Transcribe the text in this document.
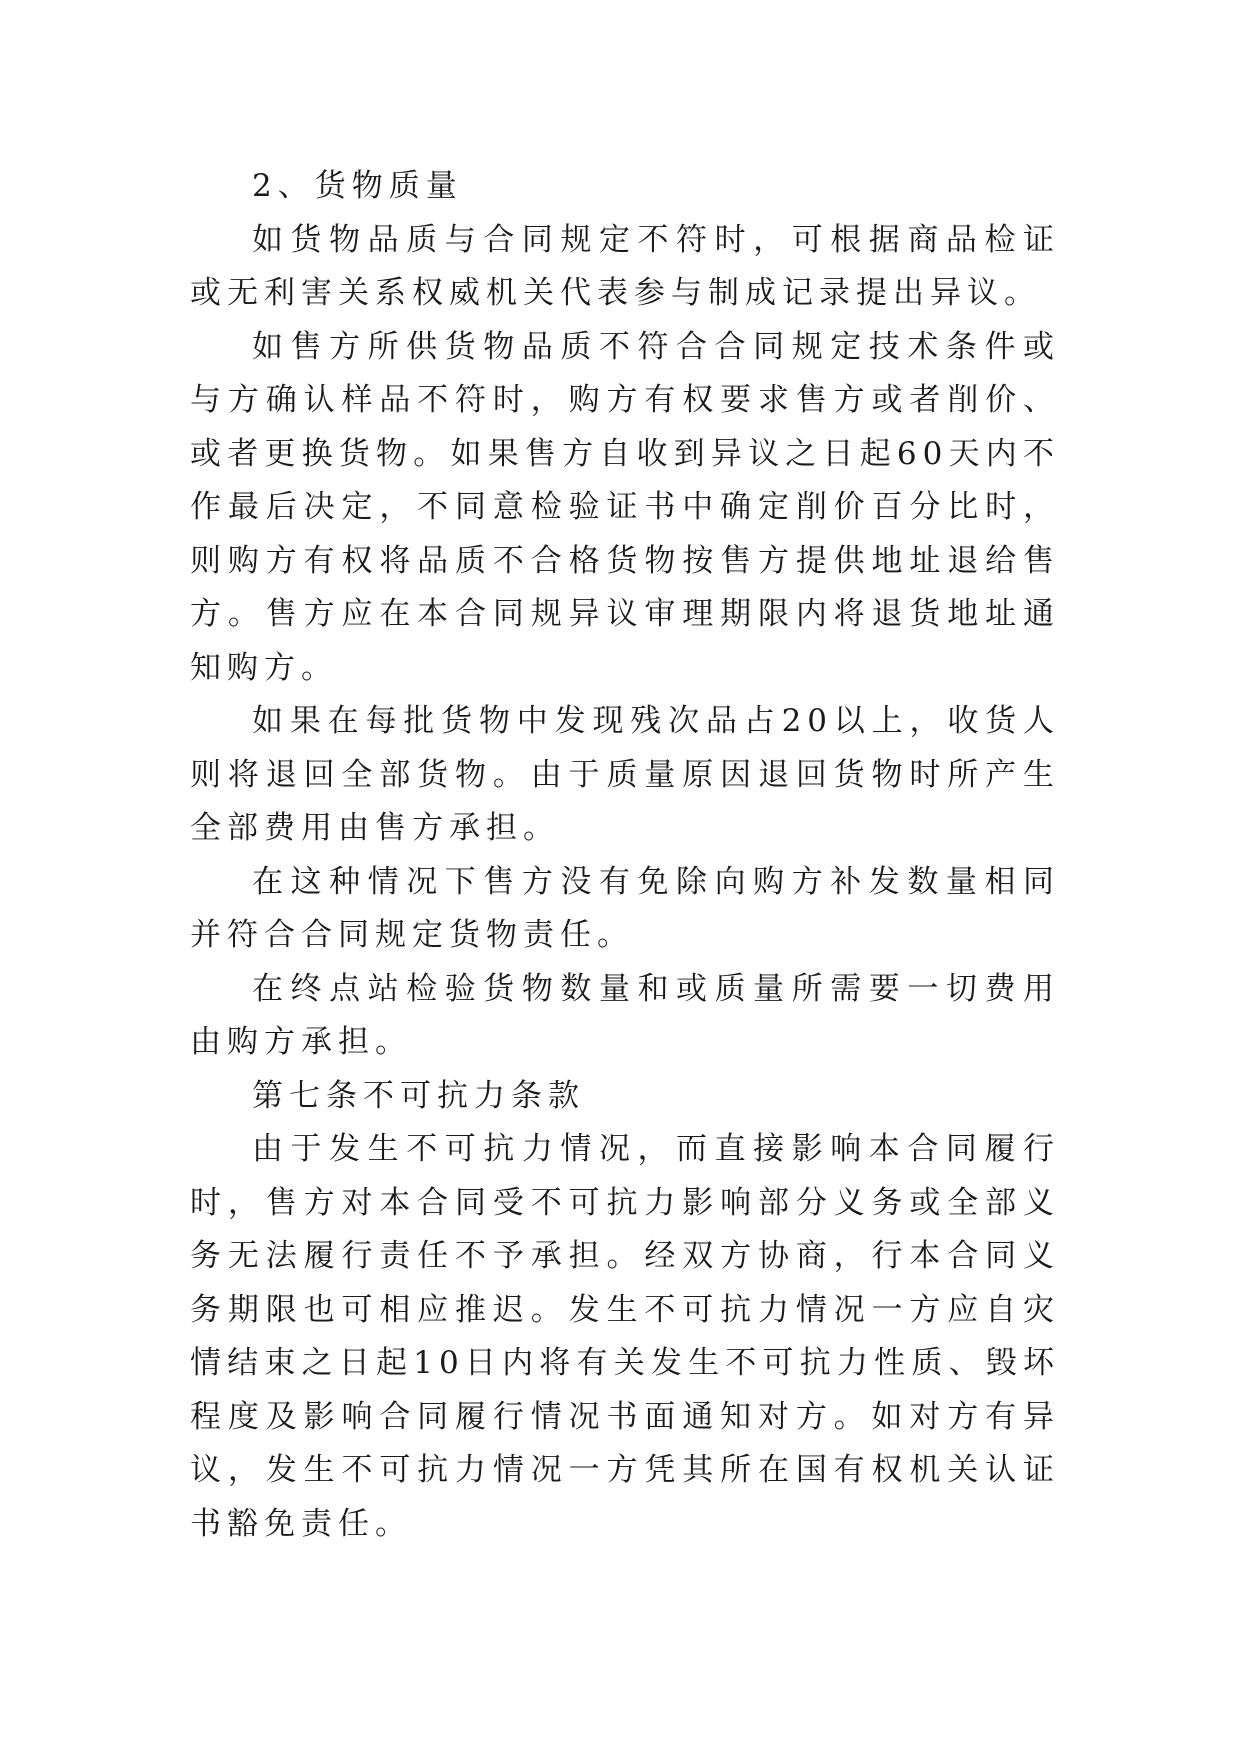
2、货物质量

如货物品质与合同规定不符时，可根据商品检证或无利害关系权威机关代表参与制成记录提出异议。

如售方所供货物品质不符合合同规定技术条件或与方确认样品不符时，购方有权要求售方或者削价、或者更换货物。如果售方自收到异议之日起60天内不作最后决定，不同意检验证书中确定削价百分比时，则购方有权将品质不合格货物按售方提供地址退给售方。售方应在本合同规异议审理期限内将退货地址通知购方。

如果在每批货物中发现残次品占20以上，收货人则将退回全部货物。由于质量原因退回货物时所产生全部费用由售方承担。

在这种情况下售方没有免除向购方补发数量相同并符合合同规定货物责任。

在终点站检验货物数量和或质量所需要一切费用由购方承担。

第七条不可抗力条款

由于发生不可抗力情况，而直接影响本合同履行时，售方对本合同受不可抗力影响部分义务或全部义务无法履行责任不予承担。经双方协商，行本合同义务期限也可相应推迟。发生不可抗力情况一方应自灾情结束之日起10日内将有关发生不可抗力性质、毁坏程度及影响合同履行情况书面通知对方。如对方有异议，发生不可抗力情况一方凭其所在国有权机关认证书豁免责任。
